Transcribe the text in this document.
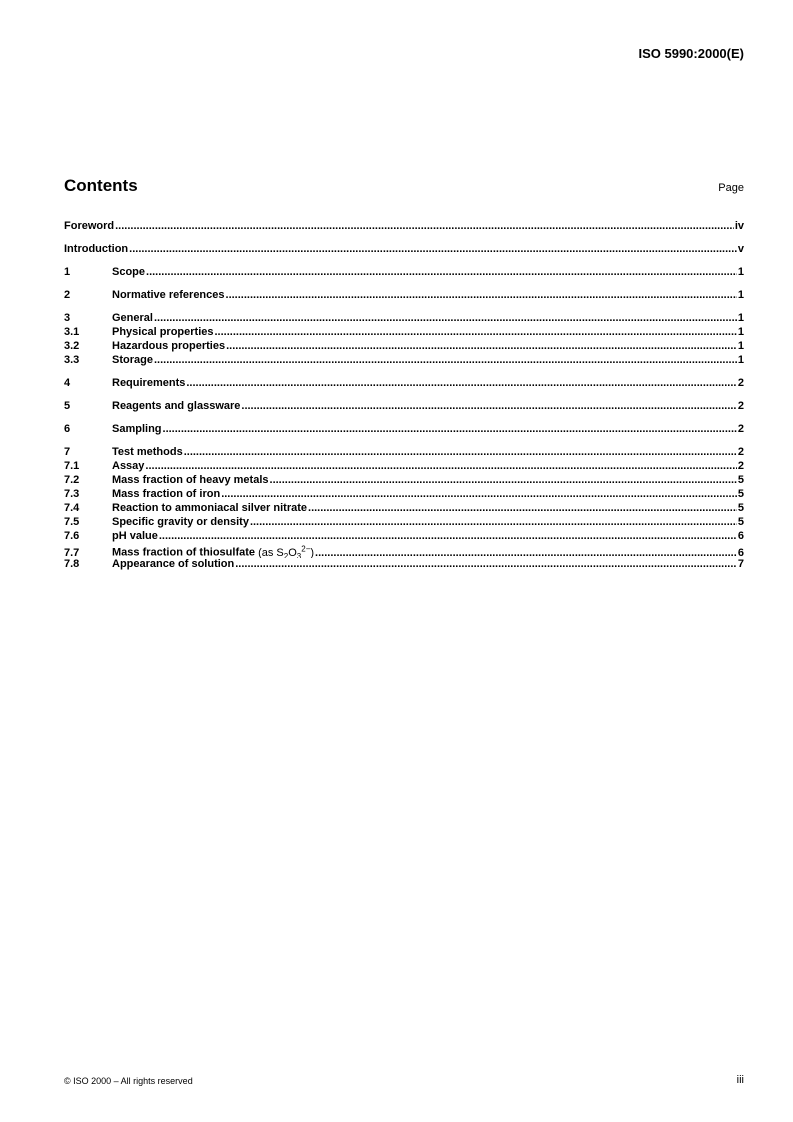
ISO 5990:2000(E)
Contents	Page
Foreword .....	iv
Introduction .....	v
1	Scope .....	1
2	Normative references .....	1
3	General .....	1
3.1	Physical properties .....	1
3.2	Hazardous properties .....	1
3.3	Storage .....	1
4	Requirements .....	2
5	Reagents and glassware .....	2
6	Sampling .....	2
7	Test methods .....	2
7.1	Assay .....	2
7.2	Mass fraction of heavy metals .....	5
7.3	Mass fraction of iron .....	5
7.4	Reaction to ammoniacal silver nitrate .....	5
7.5	Specific gravity or density .....	5
7.6	pH value .....	6
7.7	Mass fraction of thiosulfate (as $S_2O_3^{2-}$) .....	6
7.8	Appearance of solution .....	7
© ISO 2000 – All rights reserved	iii
